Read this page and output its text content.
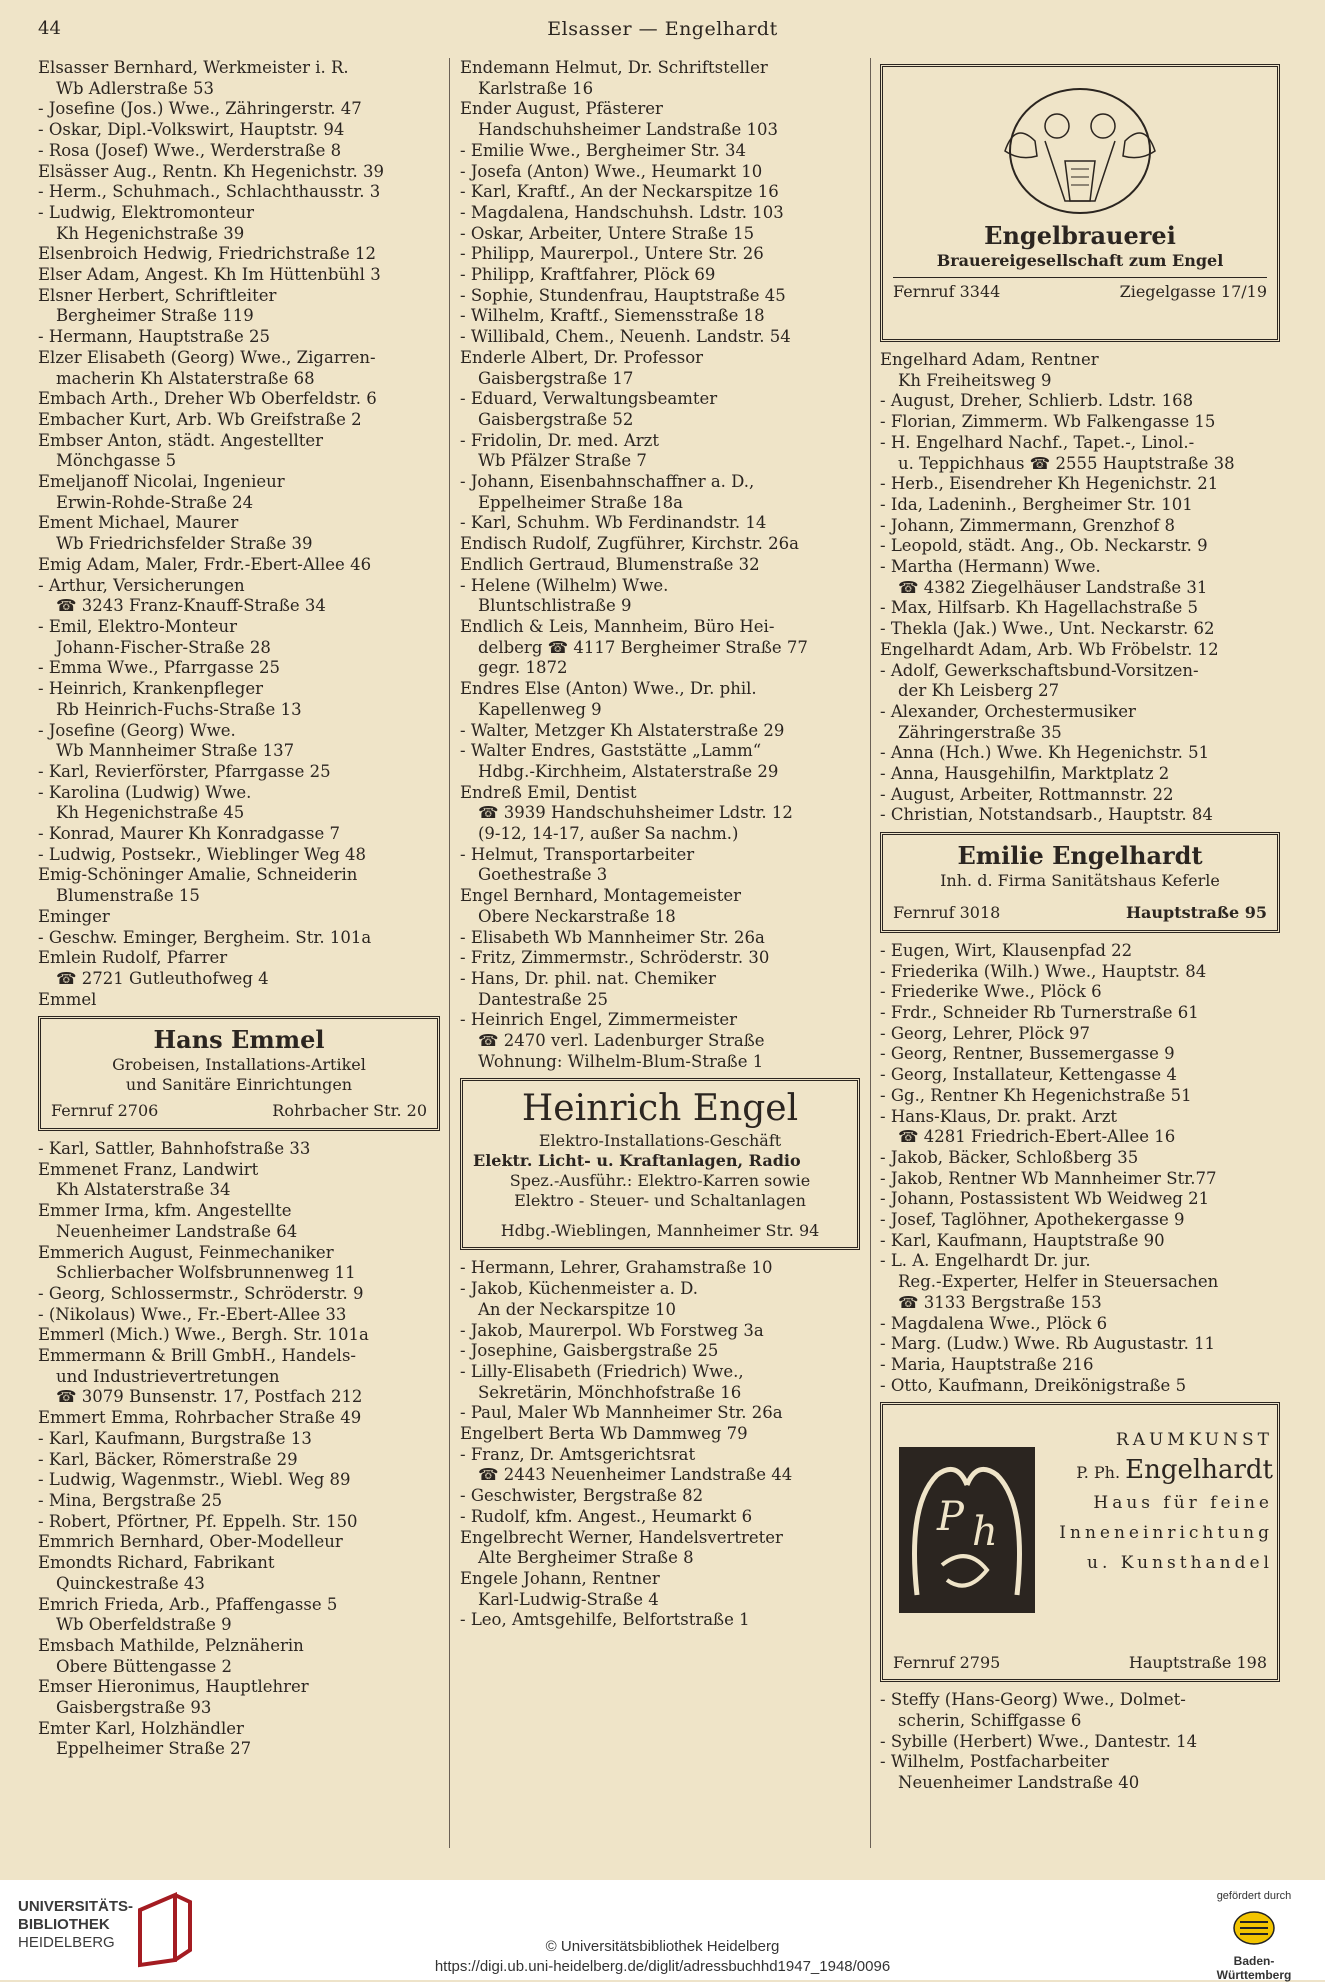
44	Elsasser — Engelhardt
Elsasser Bernhard, Werkmeister i. R.
Wb Adlerstraße 53
- Josefine (Jos.) Wwe., Zähringerstr. 47
- Oskar, Dipl.-Volkswirt, Hauptstr. 94
- Rosa (Josef) Wwe., Werderstraße 8
Elsässer Aug., Rentn. Kh Hegenichstr. 39
- Herm., Schuhmach., Schlachthausstr. 3
- Ludwig, Elektromonteur
Kh Hegenichstraße 39
Elsenbroich Hedwig, Friedrichstraße 12
Elser Adam, Angest. Kh Im Hüttenbühl 3
Elsner Herbert, Schriftleiter
Bergheimer Straße 119
- Hermann, Hauptstraße 25
Elzer Elisabeth (Georg) Wwe., Zigarren-
macherin Kh Alstaterstraße 68
Embach Arth., Dreher Wb Oberfeldstr. 6
Embacher Kurt, Arb. Wb Greifstraße 2
Embser Anton, städt. Angestellter
Mönchgasse 5
Emeljanoff Nicolai, Ingenieur
Erwin-Rohde-Straße 24
Ement Michael, Maurer
Wb Friedrichsfelder Straße 39
Emig Adam, Maler, Frdr.-Ebert-Allee 46
- Arthur, Versicherungen
☎ 3243 Franz-Knauff-Straße 34
- Emil, Elektro-Monteur
Johann-Fischer-Straße 28
- Emma Wwe., Pfarrgasse 25
- Heinrich, Krankenpfleger
Rb Heinrich-Fuchs-Straße 13
- Josefine (Georg) Wwe.
Wb Mannheimer Straße 137
- Karl, Revierförster, Pfarrgasse 25
- Karolina (Ludwig) Wwe.
Kh Hegenichstraße 45
- Konrad, Maurer Kh Konradgasse 7
- Ludwig, Postsekr., Wieblinger Weg 48
Emig-Schöninger Amalie, Schneiderin
Blumenstraße 15
Eminger
- Geschw. Eminger, Bergheim. Str. 101a
Emlein Rudolf, Pfarrer
☎ 2721 Gutleuthofweg 4
Emmel
Hans Emmel
Grobeisen, Installations-Artikel
und Sanitäre Einrichtungen
Fernruf 2706	Rohrbacher Str. 20
- Karl, Sattler, Bahnhofstraße 33
Emmenet Franz, Landwirt
Kh Alstaterstraße 34
Emmer Irma, kfm. Angestellte
Neuenheimer Landstraße 64
Emmerich August, Feinmechaniker
Schlierbacher Wolfsbrunnenweg 11
- Georg, Schlossermstr., Schröderstr. 9
- (Nikolaus) Wwe., Fr.-Ebert-Allee 33
Emmerl (Mich.) Wwe., Bergh. Str. 101a
Emmermann & Brill GmbH., Handels-
und Industrievertretungen
☎ 3079 Bunsenstr. 17, Postfach 212
Emmert Emma, Rohrbacher Straße 49
- Karl, Kaufmann, Burgstraße 13
- Karl, Bäcker, Römerstraße 29
- Ludwig, Wagenmstr., Wiebl. Weg 89
- Mina, Bergstraße 25
- Robert, Pförtner, Pf. Eppelh. Str. 150
Emmrich Bernhard, Ober-Modelleur
Emondts Richard, Fabrikant
Quinckestraße 43
Emrich Frieda, Arb., Pfaffengasse 5
Wb Oberfeldstraße 9
Emsbach Mathilde, Pelznäherin
Obere Büttengasse 2
Emser Hieronimus, Hauptlehrer
Gaisbergstraße 93
Emter Karl, Holzhändler
Eppelheimer Straße 27
Endemann Helmut, Dr. Schriftsteller
Karlstraße 16
Ender August, Pfästerer
Handschuhsheimer Landstraße 103
- Emilie Wwe., Bergheimer Str. 34
- Josefa (Anton) Wwe., Heumarkt 10
- Karl, Kraftf., An der Neckarspitze 16
- Magdalena, Handschuhsh. Ldstr. 103
- Oskar, Arbeiter, Untere Straße 15
- Philipp, Maurerpol., Untere Str. 26
- Philipp, Kraftfahrer, Plöck 69
- Sophie, Stundenfrau, Hauptstraße 45
- Wilhelm, Kraftf., Siemensstraße 18
- Willibald, Chem., Neuenh. Landstr. 54
Enderle Albert, Dr. Professor
Gaisbergstraße 17
- Eduard, Verwaltungsbeamter
Gaisbergstraße 52
- Fridolin, Dr. med. Arzt
Wb Pfälzer Straße 7
- Johann, Eisenbahnschaffner a. D.,
Eppelheimer Straße 18a
- Karl, Schuhm. Wb Ferdinandstr. 14
Endisch Rudolf, Zugführer, Kirchstr. 26a
Endlich Gertraud, Blumenstraße 32
- Helene (Wilhelm) Wwe.
Bluntschlistraße 9
Endlich & Leis, Mannheim, Büro Hei-
delberg ☎ 4117 Bergheimer Straße 77
gegr. 1872
Endres Else (Anton) Wwe., Dr. phil.
Kapellenweg 9
- Walter, Metzger Kh Alstaterstraße 29
- Walter Endres, Gaststätte „Lamm“
Hdbg.-Kirchheim, Alstaterstraße 29
Endreß Emil, Dentist
☎ 3939 Handschuhsheimer Ldstr. 12
(9-12, 14-17, außer Sa nachm.)
- Helmut, Transportarbeiter
Goethestraße 3
Engel Bernhard, Montagemeister
Obere Neckarstraße 18
- Elisabeth Wb Mannheimer Str. 26a
- Fritz, Zimmermstr., Schröderstr. 30
- Hans, Dr. phil. nat. Chemiker
Dantestraße 25
- Heinrich Engel, Zimmermeister
☎ 2470 verl. Ladenburger Straße
Wohnung: Wilhelm-Blum-Straße 1
Heinrich Engel
Elektro-Installations-Geschäft
Elektr. Licht- u. Kraftanlagen, Radio
Spez.-Ausführ.: Elektro-Karren sowie
Elektro - Steuer- und Schaltanlagen
Hdbg.-Wieblingen, Mannheimer Str. 94
- Hermann, Lehrer, Grahamstraße 10
- Jakob, Küchenmeister a. D.
An der Neckarspitze 10
- Jakob, Maurerpol. Wb Forstweg 3a
- Josephine, Gaisbergstraße 25
- Lilly-Elisabeth (Friedrich) Wwe.,
Sekretärin, Mönchhofstraße 16
- Paul, Maler Wb Mannheimer Str. 26a
Engelbert Berta Wb Dammweg 79
- Franz, Dr. Amtsgerichtsrat
☎ 2443 Neuenheimer Landstraße 44
- Geschwister, Bergstraße 82
- Rudolf, kfm. Angest., Heumarkt 6
Engelbrecht Werner, Handelsvertreter
Alte Bergheimer Straße 8
Engele Johann, Rentner
Karl-Ludwig-Straße 4
- Leo, Amtsgehilfe, Belfortstraße 1
Engelbrauerei
Brauereigesellschaft zum Engel
Fernruf 3344	Ziegelgasse 17/19
Engelhard Adam, Rentner
Kh Freiheitsweg 9
- August, Dreher, Schlierb. Ldstr. 168
- Florian, Zimmerm. Wb Falkengasse 15
- H. Engelhard Nachf., Tapet.-, Linol.-
u. Teppichhaus ☎ 2555 Hauptstraße 38
- Herb., Eisendreher Kh Hegenichstr. 21
- Ida, Ladeninh., Bergheimer Str. 101
- Johann, Zimmermann, Grenzhof 8
- Leopold, städt. Ang., Ob. Neckarstr. 9
- Martha (Hermann) Wwe.
☎ 4382 Ziegelhäuser Landstraße 31
- Max, Hilfsarb. Kh Hagellachstraße 5
- Thekla (Jak.) Wwe., Unt. Neckarstr. 62
Engelhardt Adam, Arb. Wb Fröbelstr. 12
- Adolf, Gewerkschaftsbund-Vorsitzen-
der Kh Leisberg 27
- Alexander, Orchestermusiker
Zähringerstraße 35
- Anna (Hch.) Wwe. Kh Hegenichstr. 51
- Anna, Hausgehilfin, Marktplatz 2
- August, Arbeiter, Rottmannstr. 22
- Christian, Notstandsarb., Hauptstr. 84
Emilie Engelhardt
Inh. d. Firma Sanitätshaus Keferle
Fernruf 3018	Hauptstraße 95
- Eugen, Wirt, Klausenpfad 22
- Friederika (Wilh.) Wwe., Hauptstr. 84
- Friederike Wwe., Plöck 6
- Frdr., Schneider Rb Turnerstraße 61
- Georg, Lehrer, Plöck 97
- Georg, Rentner, Bussemergasse 9
- Georg, Installateur, Kettengasse 4
- Gg., Rentner Kh Hegenichstraße 51
- Hans-Klaus, Dr. prakt. Arzt
☎ 4281 Friedrich-Ebert-Allee 16
- Jakob, Bäcker, Schloßberg 35
- Jakob, Rentner Wb Mannheimer Str.77
- Johann, Postassistent Wb Weidweg 21
- Josef, Taglöhner, Apothekergasse 9
- Karl, Kaufmann, Hauptstraße 90
- L. A. Engelhardt Dr. jur.
Reg.-Experter, Helfer in Steuersachen
☎ 3133 Bergstraße 153
- Magdalena Wwe., Plöck 6
- Marg. (Ludw.) Wwe. Rb Augustastr. 11
- Maria, Hauptstraße 216
- Otto, Kaufmann, Dreikönigstraße 5
P h
RAUMKUNST
P. Ph. Engelhardt
Haus für feine
Inneneinrichtung
u. Kunsthandel
Fernruf 2795	Hauptstraße 198
- Steffy (Hans-Georg) Wwe., Dolmet-
scherin, Schiffgasse 6
- Sybille (Herbert) Wwe., Dantestr. 14
- Wilhelm, Postfacharbeiter
Neuenheimer Landstraße 40
UNIVERSITÄTS-
BIBLIOTHEK
HEIDELBERG	© Universitätsbibliothek Heidelberg
https://digi.ub.uni-heidelberg.de/diglit/adressbuchhd1947_1948/0096
gefördert durch
Baden-Württemberg
